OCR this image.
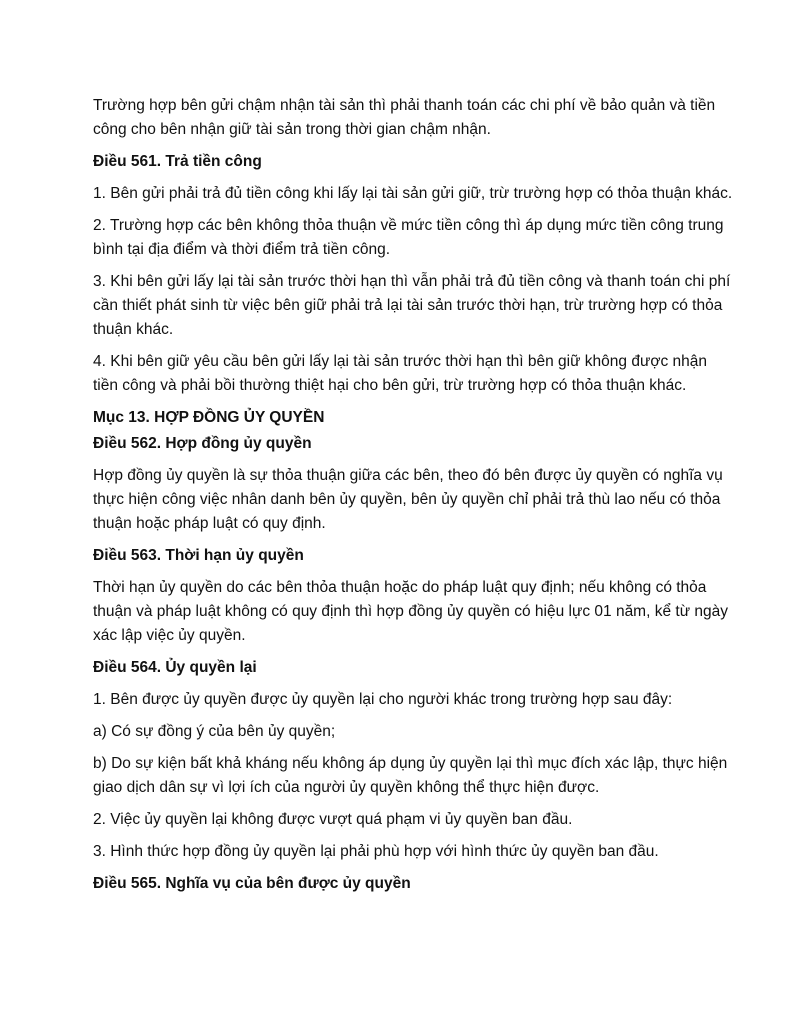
Trường hợp bên gửi chậm nhận tài sản thì phải thanh toán các chi phí về bảo quản và tiền công cho bên nhận giữ tài sản trong thời gian chậm nhận.

Điều 561. Trả tiền công

1. Bên gửi phải trả đủ tiền công khi lấy lại tài sản gửi giữ, trừ trường hợp có thỏa thuận khác.

2. Trường hợp các bên không thỏa thuận về mức tiền công thì áp dụng mức tiền công trung bình tại địa điểm và thời điểm trả tiền công.

3. Khi bên gửi lấy lại tài sản trước thời hạn thì vẫn phải trả đủ tiền công và thanh toán chi phí cần thiết phát sinh từ việc bên giữ phải trả lại tài sản trước thời hạn, trừ trường hợp có thỏa thuận khác.

4. Khi bên giữ yêu cầu bên gửi lấy lại tài sản trước thời hạn thì bên giữ không được nhận tiền công và phải bồi thường thiệt hại cho bên gửi, trừ trường hợp có thỏa thuận khác.

Mục 13. HỢP ĐỒNG ỦY QUYỀN

Điều 562. Hợp đồng ủy quyền

Hợp đồng ủy quyền là sự thỏa thuận giữa các bên, theo đó bên được ủy quyền có nghĩa vụ thực hiện công việc nhân danh bên ủy quyền, bên ủy quyền chỉ phải trả thù lao nếu có thỏa thuận hoặc pháp luật có quy định.

Điều 563. Thời hạn ủy quyền

Thời hạn ủy quyền do các bên thỏa thuận hoặc do pháp luật quy định; nếu không có thỏa thuận và pháp luật không có quy định thì hợp đồng ủy quyền có hiệu lực 01 năm, kể từ ngày xác lập việc ủy quyền.

Điều 564. Ủy quyền lại

1. Bên được ủy quyền được ủy quyền lại cho người khác trong trường hợp sau đây:

a) Có sự đồng ý của bên ủy quyền;

b) Do sự kiện bất khả kháng nếu không áp dụng ủy quyền lại thì mục đích xác lập, thực hiện giao dịch dân sự vì lợi ích của người ủy quyền không thể thực hiện được.

2. Việc ủy quyền lại không được vượt quá phạm vi ủy quyền ban đầu.

3. Hình thức hợp đồng ủy quyền lại phải phù hợp với hình thức ủy quyền ban đầu.

Điều 565. Nghĩa vụ của bên được ủy quyền
